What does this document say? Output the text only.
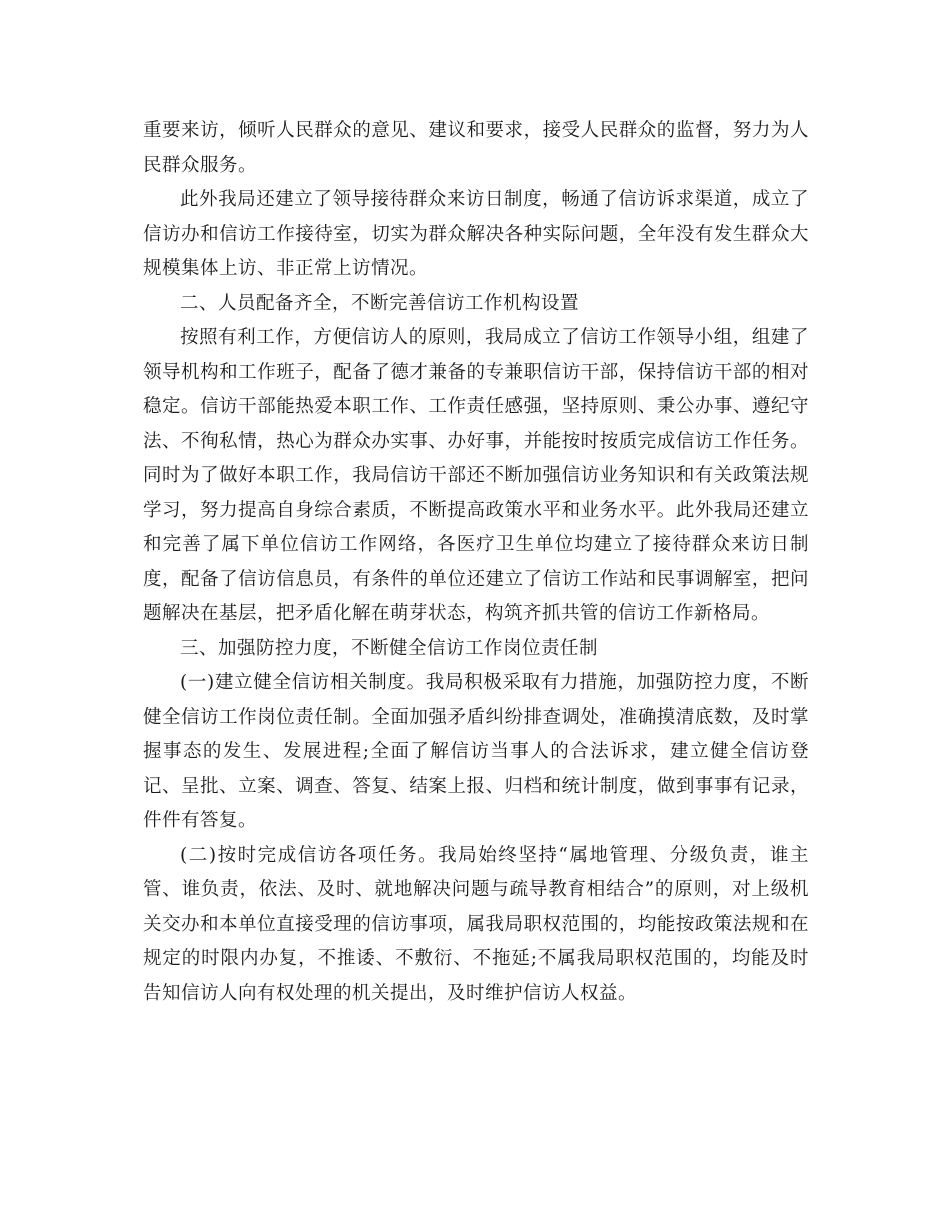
重要来访，倾听人民群众的意见、建议和要求，接受人民群众的监督，努力为人民群众服务。

此外我局还建立了领导接待群众来访日制度，畅通了信访诉求渠道，成立了信访办和信访工作接待室，切实为群众解决各种实际问题，全年没有发生群众大规模集体上访、非正常上访情况。

二、人员配备齐全，不断完善信访工作机构设置

按照有利工作，方便信访人的原则，我局成立了信访工作领导小组，组建了领导机构和工作班子，配备了德才兼备的专兼职信访干部，保持信访干部的相对稳定。信访干部能热爱本职工作、工作责任感强，坚持原则、秉公办事、遵纪守法、不徇私情，热心为群众办实事、办好事，并能按时按质完成信访工作任务。同时为了做好本职工作，我局信访干部还不断加强信访业务知识和有关政策法规学习，努力提高自身综合素质，不断提高政策水平和业务水平。此外我局还建立和完善了属下单位信访工作网络，各医疗卫生单位均建立了接待群众来访日制度，配备了信访信息员，有条件的单位还建立了信访工作站和民事调解室，把问题解决在基层，把矛盾化解在萌芽状态，构筑齐抓共管的信访工作新格局。

三、加强防控力度，不断健全信访工作岗位责任制

(一)建立健全信访相关制度。我局积极采取有力措施，加强防控力度，不断健全信访工作岗位责任制。全面加强矛盾纠纷排查调处，准确摸清底数，及时掌握事态的发生、发展进程;全面了解信访当事人的合法诉求，建立健全信访登记、呈批、立案、调查、答复、结案上报、归档和统计制度，做到事事有记录，件件有答复。

(二)按时完成信访各项任务。我局始终坚持“属地管理、分级负责，谁主管、谁负责，依法、及时、就地解决问题与疏导教育相结合”的原则，对上级机关交办和本单位直接受理的信访事项，属我局职权范围的，均能按政策法规和在规定的时限内办复，不推诿、不敷衍、不拖延;不属我局职权范围的，均能及时告知信访人向有权处理的机关提出，及时维护信访人权益。
